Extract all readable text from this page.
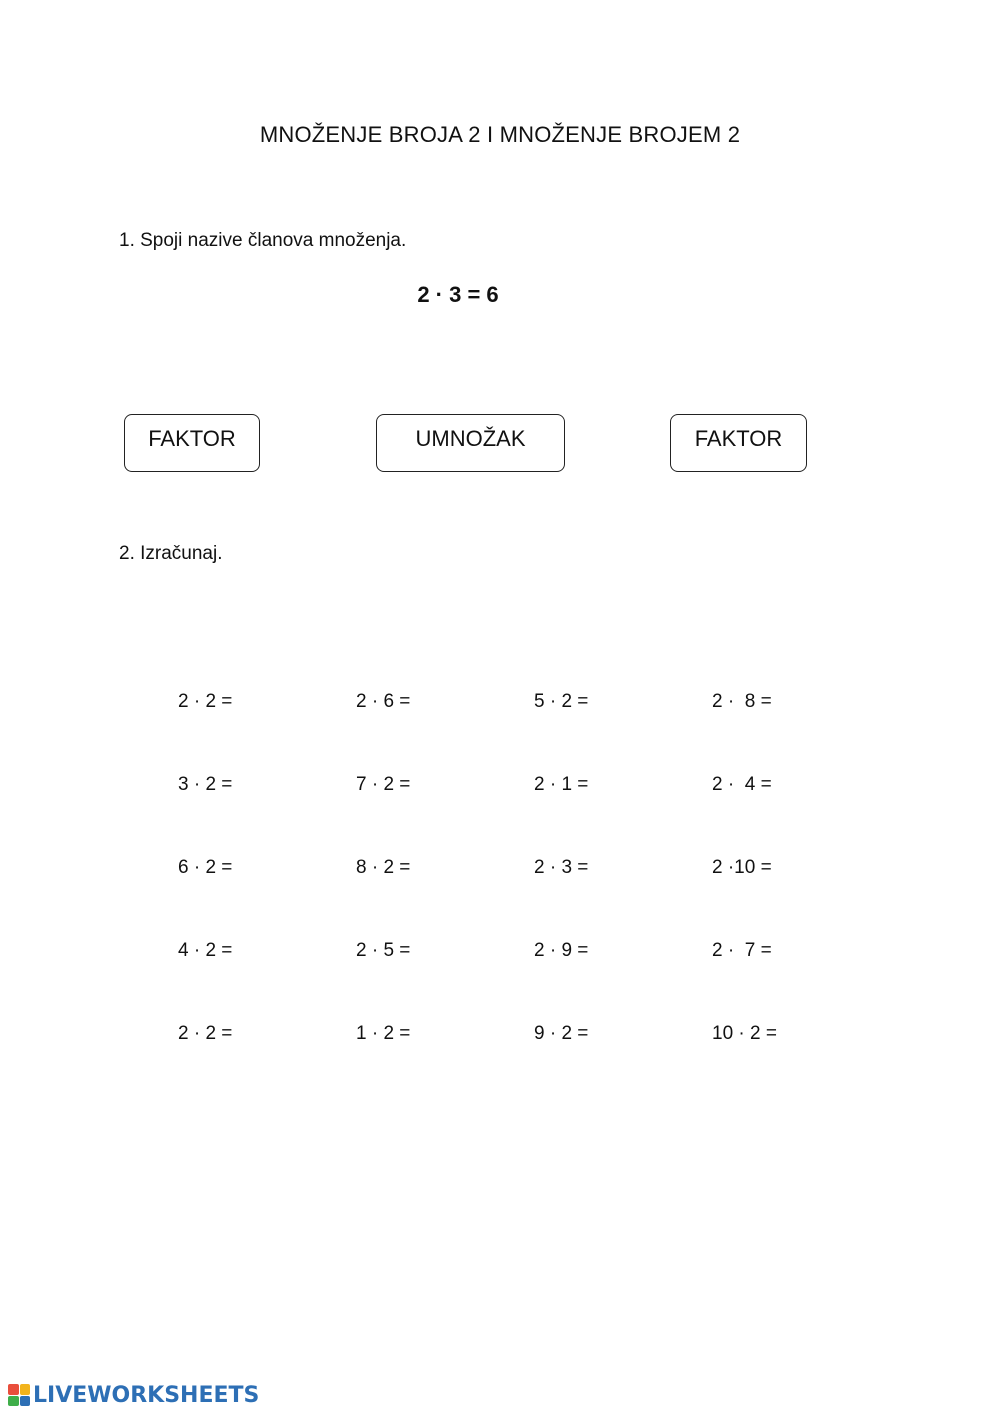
MNOŽENJE BROJA 2 I MNOŽENJE BROJEM 2
1. Spoji nazive članova množenja.
2 · 3 = 6
FAKTOR	UMNOŽAK	FAKTOR
2. Izračunaj.
2 · 2 =	2 · 6 =	5 · 2 =	2 ·  8 =
3 · 2 =	7 · 2 =	2 · 1 =	2 ·  4 =
6 · 2 =	8 · 2 =	2 · 3 =	2 ·10 =
4 · 2 =	2 · 5 =	2 · 9 =	2 ·  7 =
2 · 2 =	1 · 2 =	9 · 2 =	10 · 2 =
LIVEWORKSHEETS
